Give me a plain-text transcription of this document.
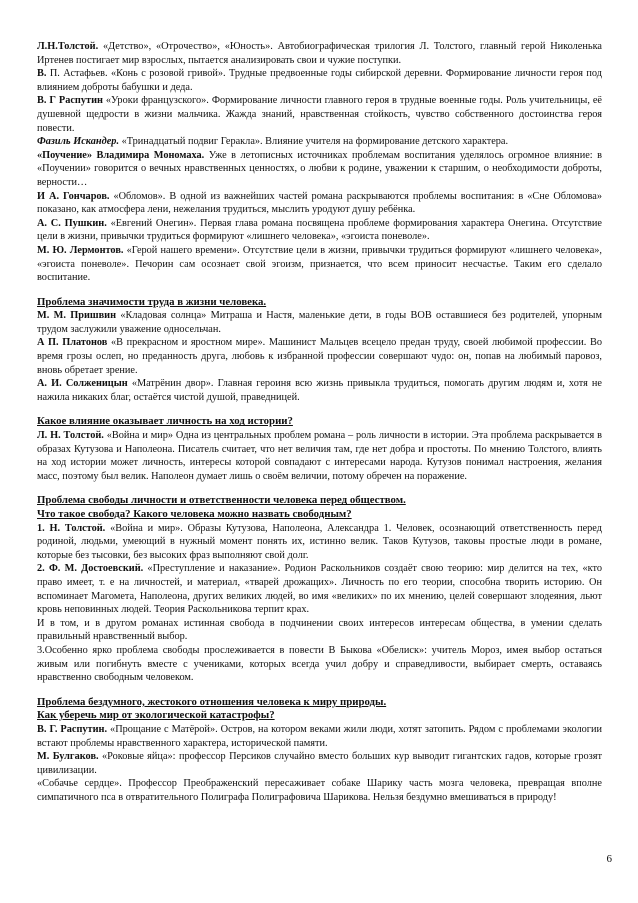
Л.Н.Толстой. «Детство», «Отрочество», «Юность». Автобиографическая трилогия Л. Толстого, главный герой Николенька Иртенев постигает мир взрослых, пытается анализировать свои и чужие поступки.

В. П. Астафьев. «Конь с розовой гривой». Трудные предвоенные годы сибирской деревни. Формирование личности героя под влиянием доброты бабушки и деда.

В. Г Распутин «Уроки французского». Формирование личности главного героя в трудные военные годы. Роль учительницы, её душевной щедрости в жизни мальчика. Жажда знаний, нравственная стойкость, чувство собственного достоинства героя повести.

Фазиль Искандер. «Тринадцатый подвиг Геракла». Влияние учителя на формирование детского характера.

«Поучение» Владимира Мономаха. Уже в летописных источниках проблемам воспитания уделялось огромное влияние: в «Поучении» говорится о вечных нравственных ценностях, о любви к родине, уважении к старшим, о необходимости доброты, верности…

И А. Гончаров. «Обломов». В одной из важнейших частей романа раскрываются проблемы воспитания: в «Сне Обломова» показано, как атмосфера лени, нежелания трудиться, мыслить уродуют душу ребёнка.

А. С. Пушкин. «Евгений Онегин». Первая глава романа посвящена проблеме формирования характера Онегина. Отсутствие цели в жизни, привычки трудиться формируют «лишнего человека», «эгоиста поневоле».

М. Ю. Лермонтов. «Герой нашего времени». Отсутствие цели в жизни, привычки трудиться формируют «лишнего человека», «эгоиста поневоле». Печорин сам осознает свой эгоизм, признается, что всем приносит несчастье. Таким его сделало воспитание.

Проблема значимости труда в жизни человека.

М. М. Пришвин «Кладовая солнца» Митраша и Настя, маленькие дети, в годы ВОВ оставшиеся без родителей, упорным трудом заслужили уважение односельчан.

А П. Платонов «В прекрасном и яростном мире». Машинист Мальцев всецело предан труду, своей любимой профессии. Во время грозы ослеп, но преданность друга, любовь к избранной профессии совершают чудо: он, попав на любимый паровоз, вновь обретает зрение.

А. И. Солженицын «Матрёнин двор». Главная героиня всю жизнь привыкла трудиться, помогать другим людям и, хотя не нажила никаких благ, остаётся чистой душой, праведницей.

Какое влияние оказывает личность на ход истории?

Л. Н. Толстой. «Война и мир» Одна из центральных проблем романа – роль личности в истории. Эта проблема раскрывается в образах Кутузова и Наполеона. Писатель считает, что нет величия там, где нет добра и простоты. По мнению Толстого, влиять на ход истории может личность, интересы которой совпадают с интересами народа. Кутузов понимал настроения, желания масс, поэтому был велик. Наполеон думает лишь о своём величии, потому обречен на поражение.

Проблема свободы личности и ответственности человека перед обществом.

Что такое свобода? Какого человека можно назвать свободным?

1. Н. Толстой. «Война и мир». Образы Кутузова, Наполеона, Александра 1. Человек, осознающий ответственность перед родиной, людьми, умеющий в нужный момент понять их, истинно велик. Таков Кутузов, таковы простые люди в романе, которые без тысовки, без высоких фраз выполняют свой долг.

2. Ф. М. Достоевский. «Преступление и наказание». Родион Раскольников создаёт свою теорию: мир делится на тех, «кто право имеет, т. е на личностей, и материал, «тварей дрожащих». Личность по его теории, способна творить историю. Он вспоминает Магомета, Наполеона, других великих людей, во имя «великих» по их мнению, целей совершают злодеяния, льют кровь неповинных людей. Теория Раскольникова терпит крах.
И в том, и в другом романах истинная свобода в подчинении своих интересов интересам общества, в умении сделать правильный нравственный выбор.

3.Особенно ярко проблема свободы прослеживается в повести В Быкова «Обелиск»: учитель Мороз, имея выбор остаться живым или погибнуть вместе с учениками, которых всегда учил добру и справедливости, выбирает смерть, оставаясь нравственно свободным человеком.

Проблема бездумного, жестокого отношения человека к миру природы.

Как уберечь мир от экологической катастрофы?

В. Г. Распутин. «Прощание с Матёрой». Остров, на котором веками жили люди, хотят затопить. Рядом с проблемами экологии встают проблемы нравственного характера, исторической памяти.

М. Булгаков. «Роковые яйца»: профессор Персиков случайно вместо больших кур выводит гигантских гадов, которые грозят цивилизации.

«Собачье сердце». Профессор Преображенский пересаживает собаке Шарику часть мозга человека, превращая вполне симпатичного пса в отвратительного Полиграфа Полиграфовича Шарикова. Нельзя бездумно вмешиваться в природу!

6
